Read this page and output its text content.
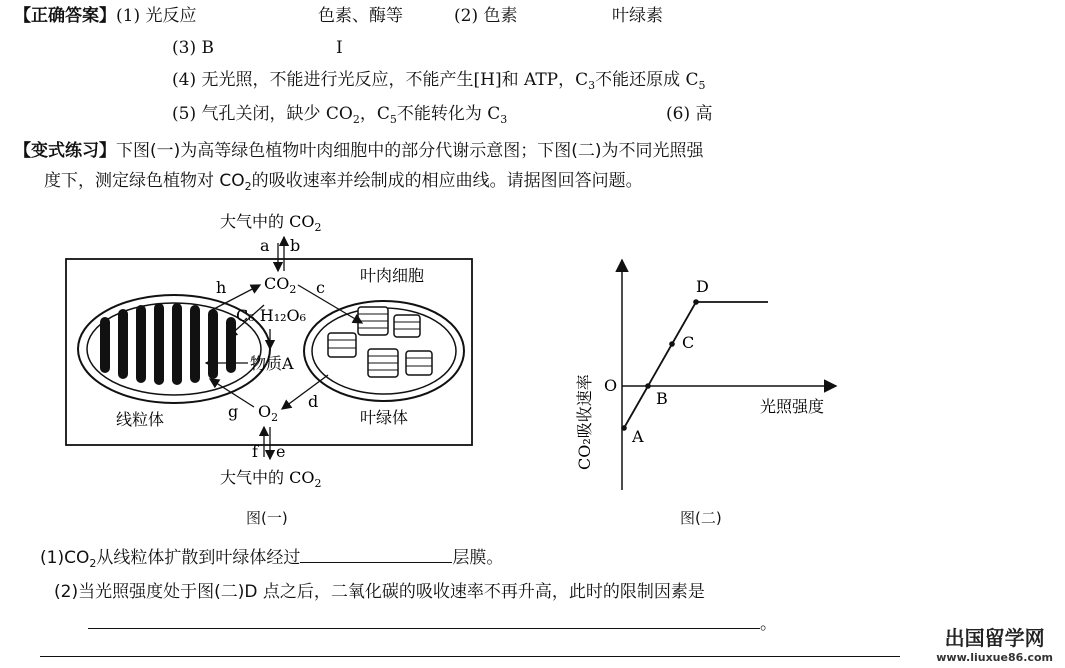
【正确答案】(1) 光反应	色素、酶等	(2) 色素	叶绿素
(3) B	I
(4) 无光照，不能进行光反应，不能产生[H]和 ATP，$C_3$不能还原成 $C_5$
(5) 气孔关闭，缺少 $CO_2$，$C_5$不能转化为 $C_3$	(6) 高
【变式练习】下图(一)为高等绿色植物叶肉细胞中的部分代谢示意图；下图(二)为不同光照强
度下，测定绿色植物对 $CO_2$的吸收速率并绘制成的相应曲线。请据图回答问题。
大气中的 $CO_2$
a b
叶肉细胞
线粒体	叶绿体
$CO_2$
C₆ H₁₂O₆
物质A
$O_2$
h	c
g
d
f e
大气中的 $CO_2$
图(一)
O
光照强度
CO₂吸收速率 A
B
C
D
图(二)
$(1)CO_2$从线粒体扩散到叶绿体经过	层膜。
(2)当光照强度处于图(二)D 点之后，二氧化碳的吸收速率不再升高，此时的限制因素是
。
出国留学网
www.liuxue86.com
